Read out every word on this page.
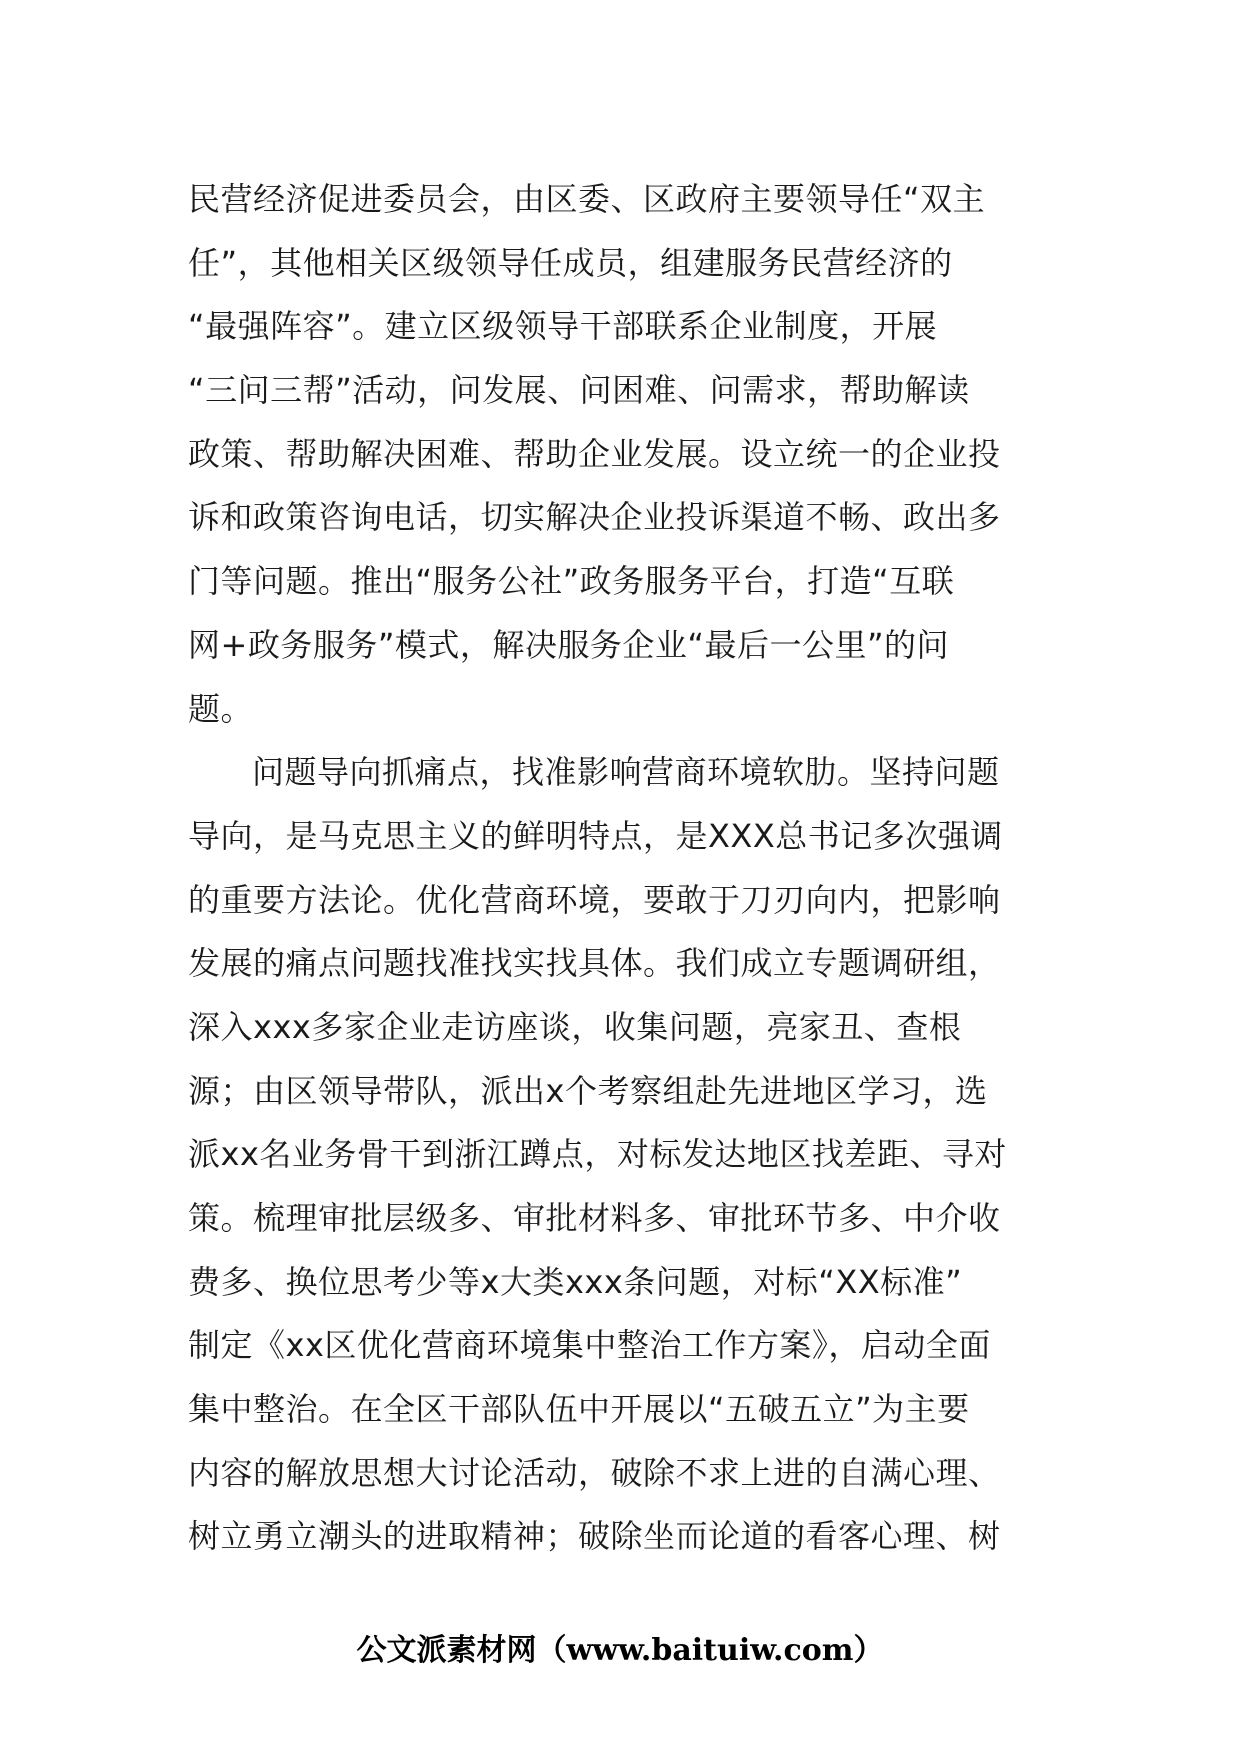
民营经济促进委员会，由区委、区政府主要领导任“双主
任”，其他相关区级领导任成员，组建服务民营经济的
“最强阵容”。建立区级领导干部联系企业制度，开展
“三问三帮”活动，问发展、问困难、问需求，帮助解读
政策、帮助解决困难、帮助企业发展。设立统一的企业投
诉和政策咨询电话，切实解决企业投诉渠道不畅、政出多
门等问题。推出“服务公社”政务服务平台，打造“互联
网+政务服务”模式，解决服务企业“最后一公里”的问
题。
问题导向抓痛点，找准影响营商环境软肋。坚持问题
导向，是马克思主义的鲜明特点，是XXX总书记多次强调
的重要方法论。优化营商环境，要敢于刀刃向内，把影响
发展的痛点问题找准找实找具体。我们成立专题调研组，
深入xxx多家企业走访座谈，收集问题，亮家丑、查根
源；由区领导带队，派出x个考察组赴先进地区学习，选
派xx名业务骨干到浙江蹲点，对标发达地区找差距、寻对
策。梳理审批层级多、审批材料多、审批环节多、中介收
费多、换位思考少等x大类xxx条问题，对标“XX标准”
制定《xx区优化营商环境集中整治工作方案》，启动全面
集中整治。在全区干部队伍中开展以“五破五立”为主要
内容的解放思想大讨论活动，破除不求上进的自满心理、
树立勇立潮头的进取精神；破除坐而论道的看客心理、树
公文派素材网（www.baituiw.com）
